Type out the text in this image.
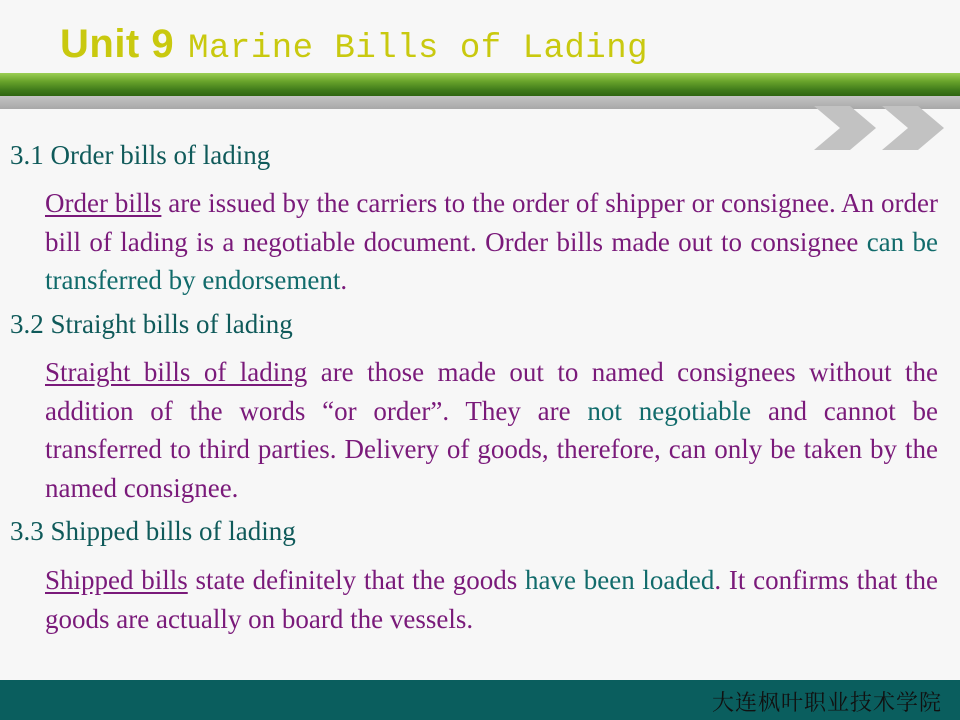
Unit 9 Marine Bills of Lading
3.1 Order bills of lading
Order bills are issued by the carriers to the order of shipper or consignee. An order bill of lading is a negotiable document. Order bills made out to consignee can be transferred by endorsement.
3.2 Straight bills of lading
Straight bills of lading are those made out to named consignees without the addition of the words “or order”. They are not negotiable and cannot be transferred to third parties. Delivery of goods, therefore, can only be taken by the named consignee.
3.3 Shipped bills of lading
Shipped bills state definitely that the goods have been loaded. It confirms that the goods are actually on board the vessels.
大连枫叶职业技术学院
